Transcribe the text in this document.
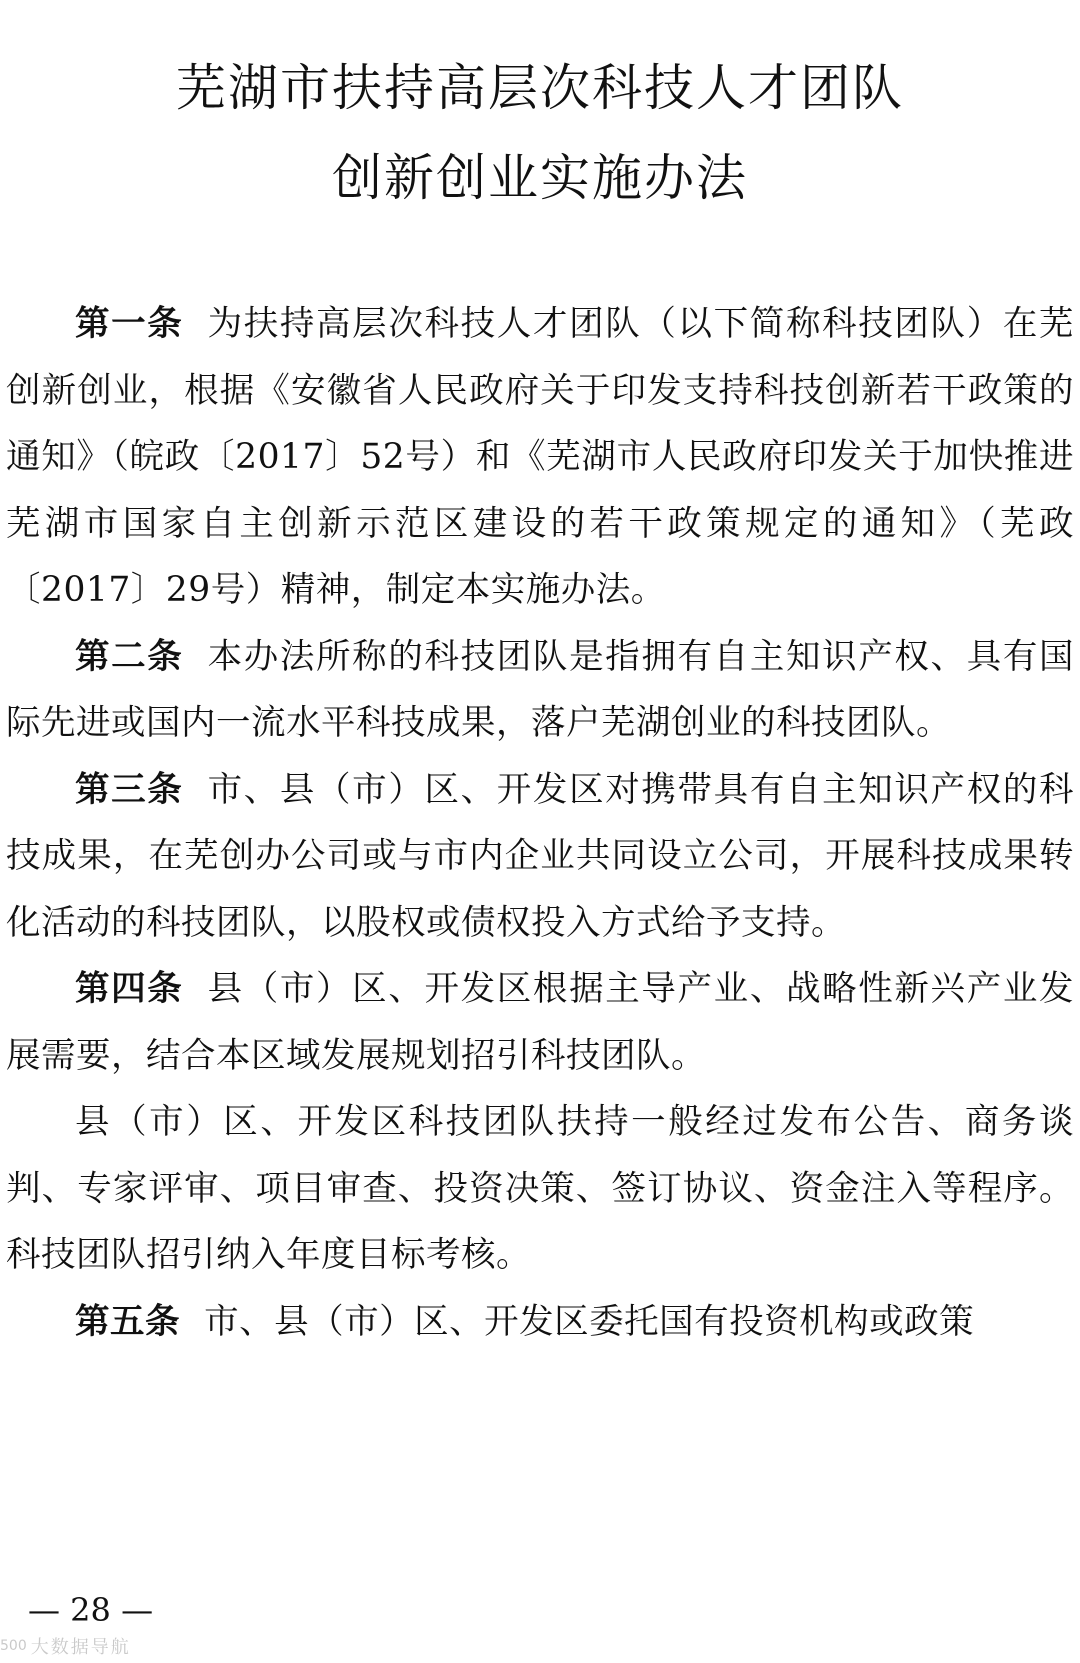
芜湖市扶持高层次科技人才团队
创新创业实施办法

第一条 为扶持高层次科技人才团队（以下简称科技团队）在芜创新创业，根据《安徽省人民政府关于印发支持科技创新若干政策的通知》（皖政〔2017〕52号）和《芜湖市人民政府印发关于加快推进芜湖市国家自主创新示范区建设的若干政策规定的通知》（芜政〔2017〕29号）精神，制定本实施办法。

第二条 本办法所称的科技团队是指拥有自主知识产权、具有国际先进或国内一流水平科技成果，落户芜湖创业的科技团队。

第三条 市、县（市）区、开发区对携带具有自主知识产权的科技成果，在芜创办公司或与市内企业共同设立公司，开展科技成果转化活动的科技团队，以股权或债权投入方式给予支持。

第四条 县（市）区、开发区根据主导产业、战略性新兴产业发展需要，结合本区域发展规划招引科技团队。

县（市）区、开发区科技团队扶持一般经过发布公告、商务谈判、专家评审、项目审查、投资决策、签订协议、资金注入等程序。科技团队招引纳入年度目标考核。

第五条 市、县（市）区、开发区委托国有投资机构或政策

— 28 —
500 大数据导航
